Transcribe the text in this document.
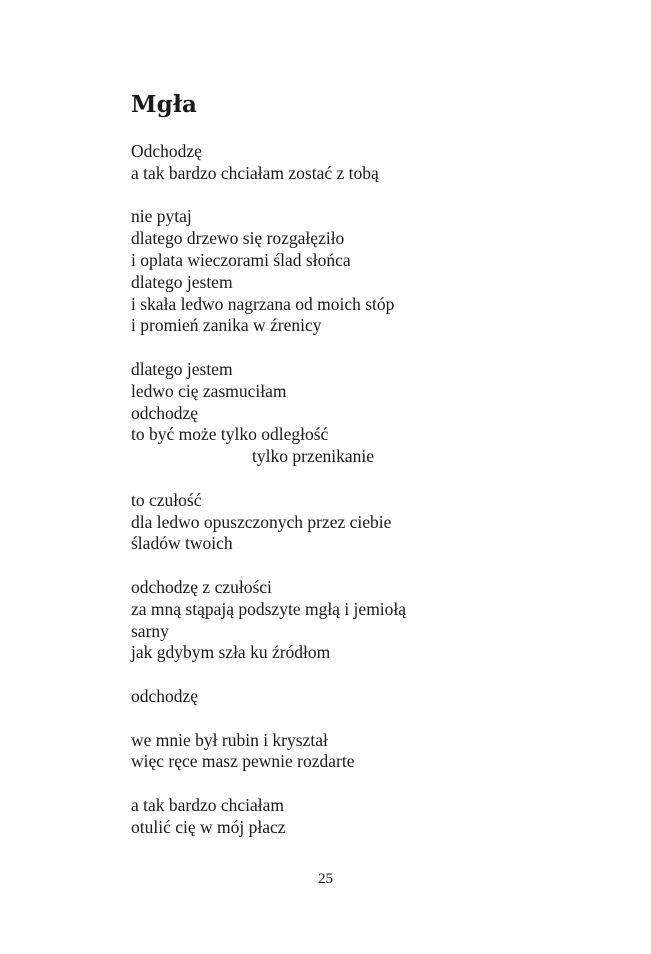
Mgła
Odchodzę
a tak bardzo chciałam zostać z tobą
nie pytaj
dlatego drzewo się rozgałęziło
i oplata wieczorami ślad słońca
dlatego jestem
i skała ledwo nagrzana od moich stóp
i promień zanika w źrenicy
dlatego jestem
ledwo cię zasmuciłam
odchodzę
to być może tylko odległość
tylko przenikanie
to czułość
dla ledwo opuszczonych przez ciebie
śladów twoich
odchodzę z czułości
za mną stąpają podszyte mgłą i jemiołą
sarny
jak gdybym szła ku źródłom
odchodzę
we mnie był rubin i kryształ
więc ręce masz pewnie rozdarte
a tak bardzo chciałam
otulić cię w mój płacz
25
